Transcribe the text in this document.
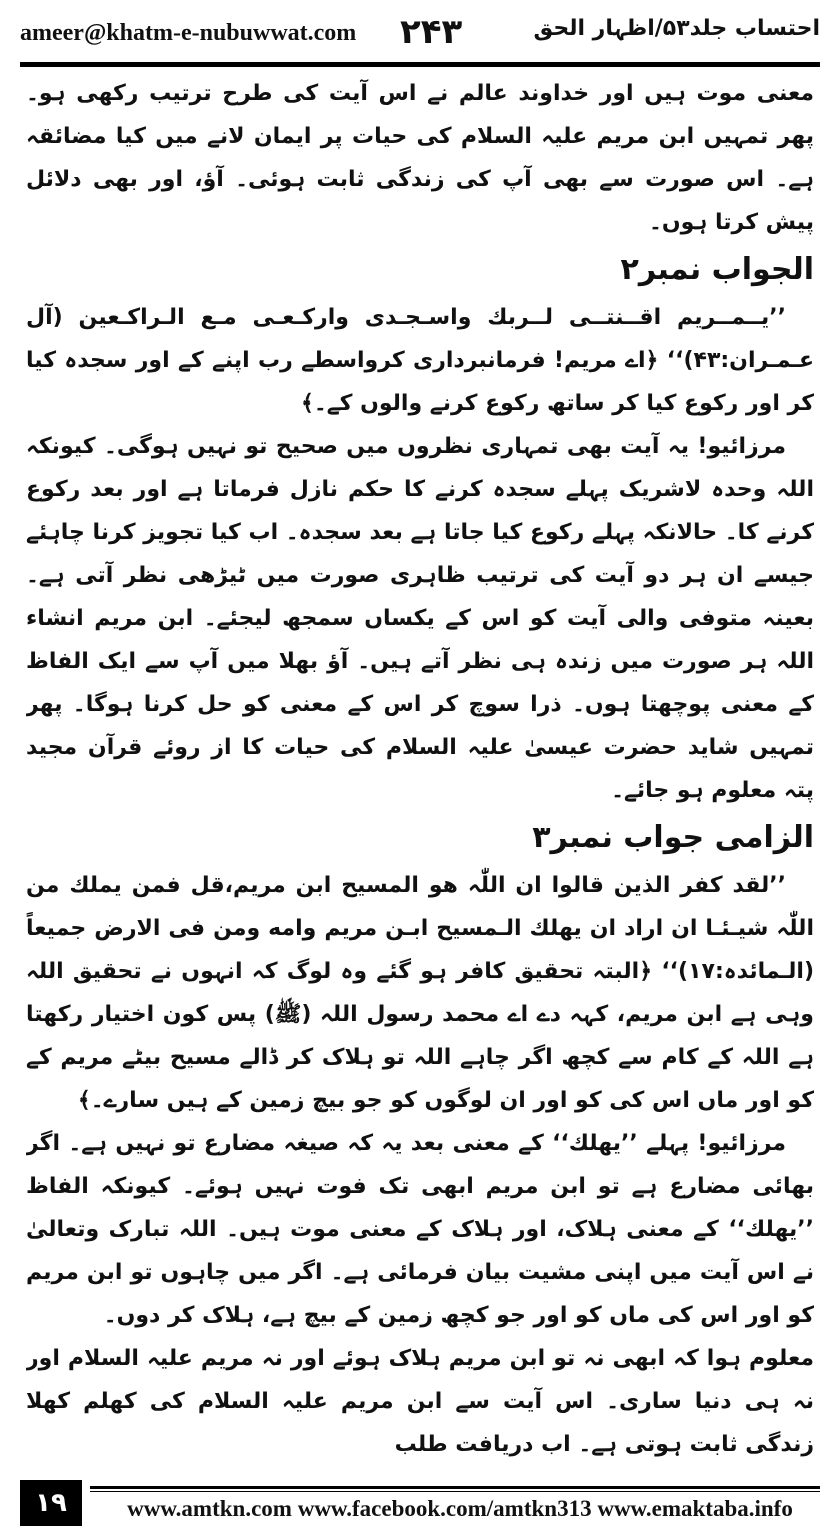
ameer@khatm-e-nubuwwat.com ۲۴۳	احتساب جلد۵۳/اظہار الحق

معنی موت ہیں اور خداوند عالم نے اس آیت کی طرح ترتیب رکھی ہو۔ پھر تمہیں ابن مریم علیہ السلام کی حیات پر ایمان لانے میں کیا مضائقہ ہے۔ اس صورت سے بھی آپ کی زندگی ثابت ہوئی۔ آؤ، اور بھی دلائل پیش کرتا ہوں۔

الجواب نمبر۲

’’یــمــریم اقــنتــی لــربك واسـجـدی وارکـعـی مـع الـراکـعین (آل عـمـران:۴۳)‘‘ ﴿اے مریم! فرمانبرداری کرواسطے رب اپنے کے اور سجدہ کیا کر اور رکوع کیا کر ساتھ رکوع کرنے والوں کے۔﴾

مرزائیو! یہ آیت بھی تمہاری نظروں میں صحیح تو نہیں ہوگی۔ کیونکہ اللہ وحدہ لاشریک پہلے سجدہ کرنے کا حکم نازل فرماتا ہے اور بعد رکوع کرنے کا۔ حالانکہ پہلے رکوع کیا جاتا ہے بعد سجدہ۔ اب کیا تجویز کرنا چاہئے جیسے ان ہر دو آیت کی ترتیب ظاہری صورت میں ٹیڑھی نظر آتی ہے۔ بعینہ متوفی والی آیت کو اس کے یکساں سمجھ لیجئے۔ ابن مریم انشاء اللہ ہر صورت میں زندہ ہی نظر آتے ہیں۔ آؤ بھلا میں آپ سے ایک الفاظ کے معنی پوچھتا ہوں۔ ذرا سوچ کر اس کے معنی کو حل کرنا ہوگا۔ پھر تمہیں شاید حضرت عیسیٰ علیہ السلام کی حیات کا از روئے قرآن مجید پتہ معلوم ہو جائے۔

الزامی جواب نمبر۳

’’لقد کفر الذین قالوا ان اللّٰہ هو المسیح ابن مریم،قل فمن یملك من اللّٰہ شیـئـا ان اراد ان یهلك الـمسیح ابـن مریم وامه ومن فی الارض جمیعاً (الـمائدہ:۱۷)‘‘ ﴿البتہ تحقیق کافر ہو گئے وہ لوگ کہ انہوں نے تحقیق اللہ وہی ہے ابن مریم، کہہ دے اے محمد رسول اللہ (ﷺ) پس کون اختیار رکھتا ہے اللہ کے کام سے کچھ اگر چاہے اللہ تو ہلاک کر ڈالے مسیح بیٹے مریم کے کو اور ماں اس کی کو اور ان لوگوں کو جو بیچ زمین کے ہیں سارے۔﴾

مرزائیو! پہلے ’’یهلك‘‘ کے معنی بعد یہ کہ صیغہ مضارع تو نہیں ہے۔ اگر بھائی مضارع ہے تو ابن مریم ابھی تک فوت نہیں ہوئے۔ کیونکہ الفاظ ’’یهلك‘‘ کے معنی ہلاک، اور ہلاک کے معنی موت ہیں۔ اللہ تبارک وتعالیٰ نے اس آیت میں اپنی مشیت بیان فرمائی ہے۔ اگر میں چاہوں تو ابن مریم کو اور اس کی ماں کو اور جو کچھ زمین کے بیچ ہے، ہلاک کر دوں۔

معلوم ہوا کہ ابھی نہ تو ابن مریم ہلاک ہوئے اور نہ مریم علیہ السلام اور نہ ہی دنیا ساری۔ اس آیت سے ابن مریم علیہ السلام کی کھلم کھلا زندگی ثابت ہوتی ہے۔ اب دریافت طلب

۱۹	www.amtkn.com www.facebook.com/amtkn313 www.emaktaba.info
